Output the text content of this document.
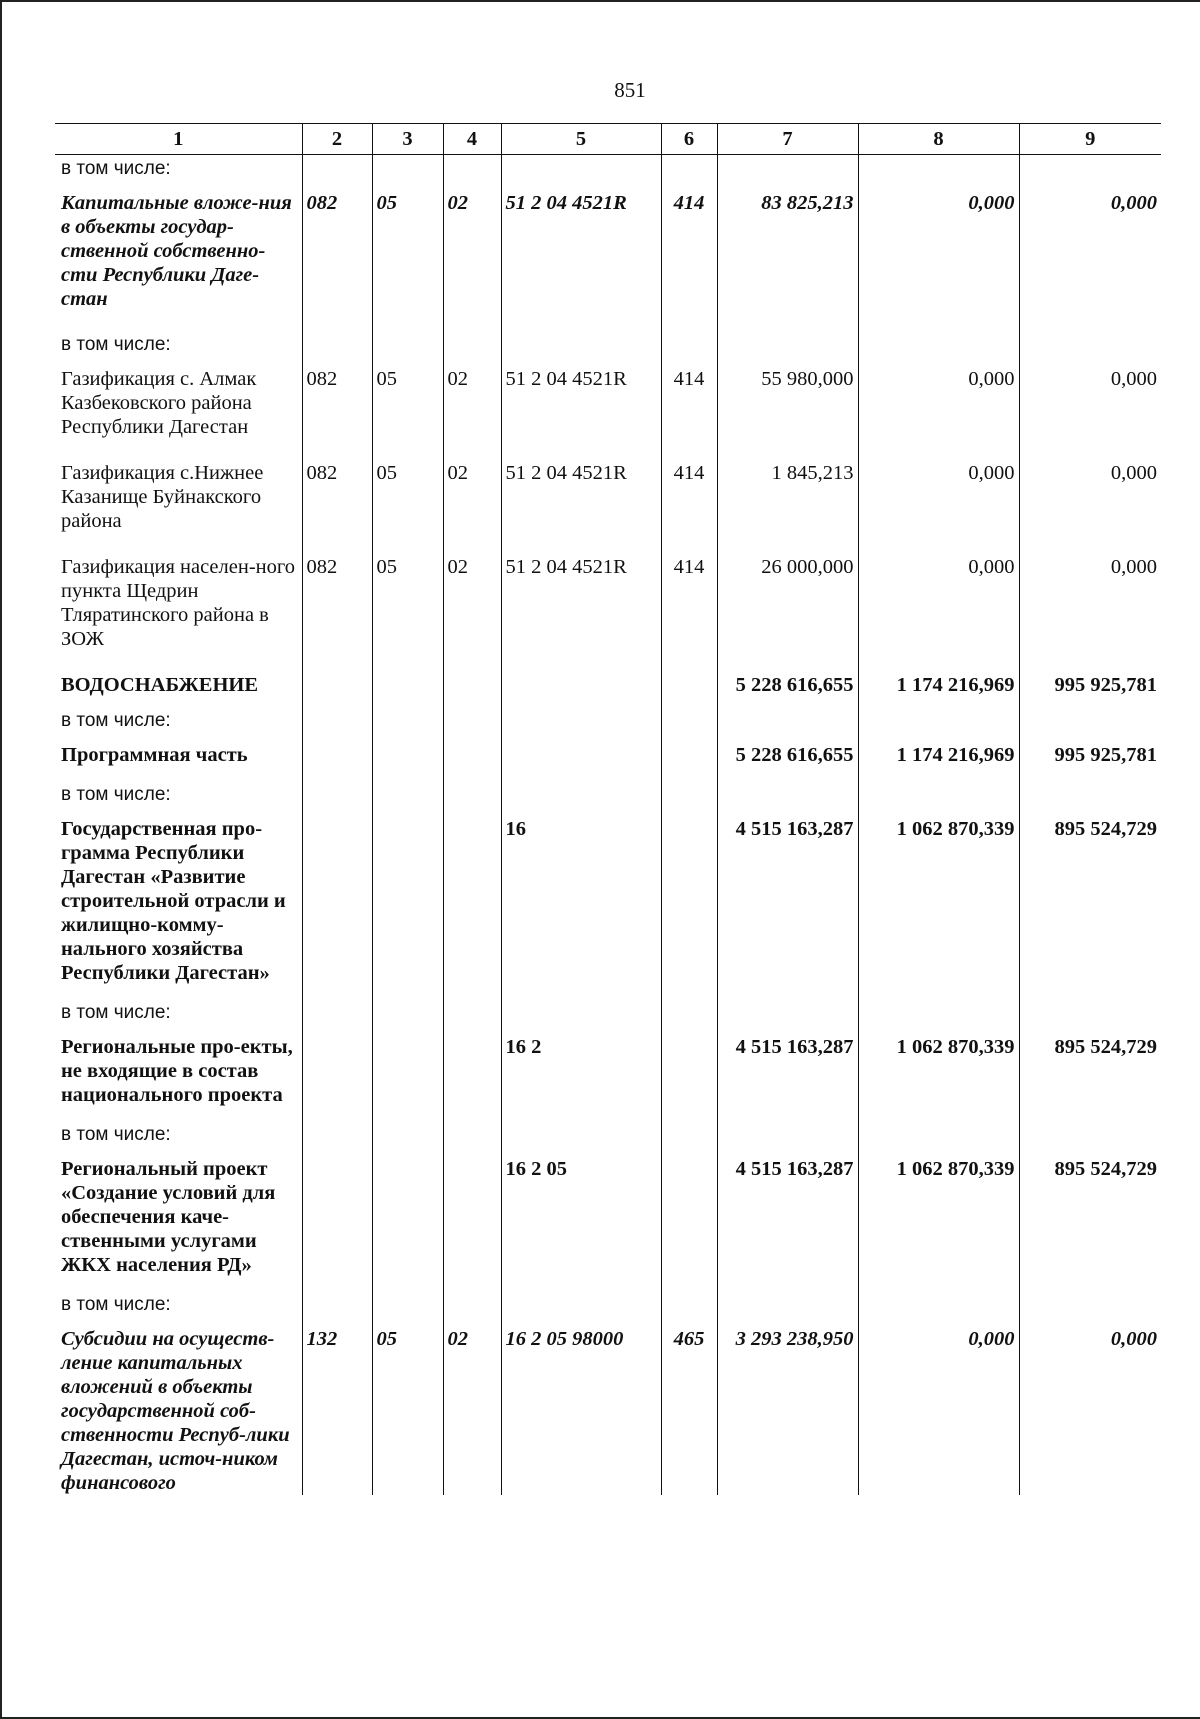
851
1	2	3	4	5	6	7	8	9
в том числе:								
Капитальные вложе-ния в объекты государ-ственной собственно-сти Республики Даге-стан	082	05	02	51 2 04 4521R	414	83 825,213	0,000	0,000
в том числе:								
Газификация с. Алмак Казбековского района Республики Дагестан	082	05	02	51 2 04 4521R	414	55 980,000	0,000	0,000
Газификация с.Нижнее Казанище Буйнакского района	082	05	02	51 2 04 4521R	414	1 845,213	0,000	0,000
Газификация населен-ного пункта Щедрин Тляратинского района в ЗОЖ	082	05	02	51 2 04 4521R	414	26 000,000	0,000	0,000
ВОДОСНАБЖЕНИЕ						5 228 616,655	1 174 216,969	995 925,781
в том числе:								
Программная часть						5 228 616,655	1 174 216,969	995 925,781
в том числе:								
Государственная про-грамма Республики Дагестан «Развитие строительной отрасли и жилищно-комму-нального хозяйства Республики Дагестан»				16		4 515 163,287	1 062 870,339	895 524,729
в том числе:								
Региональные про-екты, не входящие в состав национального проекта				16 2		4 515 163,287	1 062 870,339	895 524,729
в том числе:								
Региональный проект «Создание условий для обеспечения каче-ственными услугами ЖКХ населения РД»				16 2 05		4 515 163,287	1 062 870,339	895 524,729
в том числе:								
Субсидии на осуществ-ление капитальных вложений в объекты государственной соб-ственности Респуб-лики Дагестан, источ-ником финансового	132	05	02	16 2 05 98000	465	3 293 238,950	0,000	0,000
